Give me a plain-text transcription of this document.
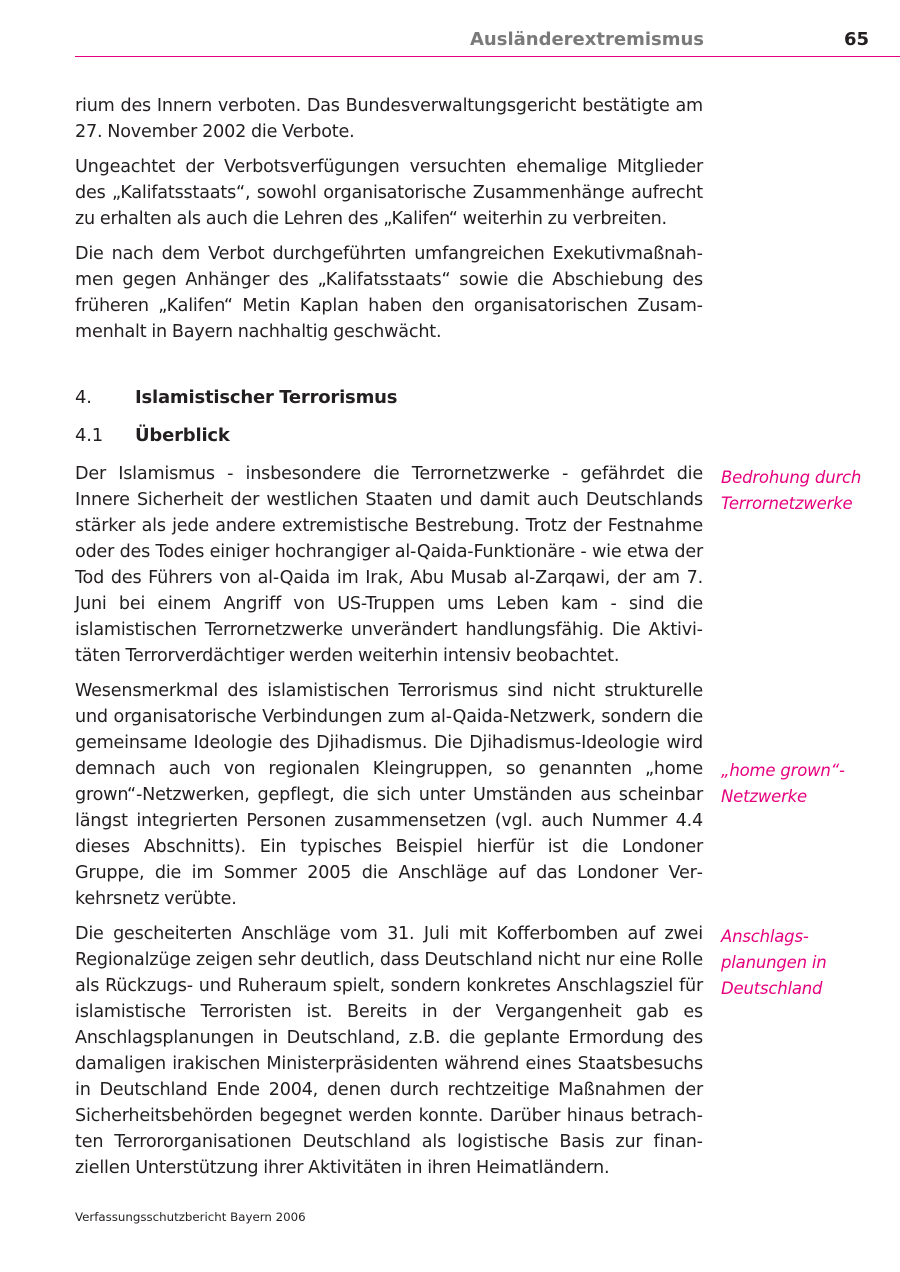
Ausländerextremismus	65

rium des Innern verboten. Das Bundesverwaltungsgericht bestätigte am 27. November 2002 die Verbote.

Ungeachtet der Verbotsverfügungen versuchten ehemalige Mitglieder des „Kalifatsstaats“, sowohl organisatorische Zusammenhänge aufrecht zu erhalten als auch die Lehren des „Kalifen“ weiterhin zu verbreiten.

Die nach dem Verbot durchgeführten umfangreichen Exekutivmaßnahmen gegen Anhänger des „Kalifatsstaats“ sowie die Abschiebung des früheren „Kalifen“ Metin Kaplan haben den organisatorischen Zusammenhalt in Bayern nachhaltig geschwächt.

4.	Islamistischer Terrorismus
4.1	Überblick

Der Islamismus - insbesondere die Terrornetzwerke - gefährdet die Innere Sicherheit der westlichen Staaten und damit auch Deutschlands stärker als jede andere extremistische Bestrebung. Trotz der Festnahme oder des Todes einiger hochrangiger al-Qaida-Funktionäre - wie etwa der Tod des Führers von al-Qaida im Irak, Abu Musab al-Zarqawi, der am 7. Juni bei einem Angriff von US-Truppen ums Leben kam - sind die islamistischen Terrornetzwerke unverändert handlungsfähig. Die Aktivitäten Terrorverdächtiger werden weiterhin intensiv beobachtet.

Wesensmerkmal des islamistischen Terrorismus sind nicht strukturelle und organisatorische Verbindungen zum al-Qaida-Netzwerk, sondern die gemeinsame Ideologie des Djihadismus. Die Djihadismus-Ideologie wird demnach auch von regionalen Kleingruppen, so genannten „home grown“-Netzwerken, gepflegt, die sich unter Umständen aus scheinbar längst integrierten Personen zusammensetzen (vgl. auch Nummer 4.4 dieses Abschnitts). Ein typisches Beispiel hierfür ist die Londoner Gruppe, die im Sommer 2005 die Anschläge auf das Londoner Verkehrsnetz verübte.

Die gescheiterten Anschläge vom 31. Juli mit Kofferbomben auf zwei Regionalzüge zeigen sehr deutlich, dass Deutschland nicht nur eine Rolle als Rückzugs- und Ruheraum spielt, sondern konkretes Anschlagsziel für islamistische Terroristen ist. Bereits in der Vergangenheit gab es Anschlagsplanungen in Deutschland, z.B. die geplante Ermordung des damaligen irakischen Ministerpräsidenten während eines Staatsbesuchs in Deutschland Ende 2004, denen durch rechtzeitige Maßnahmen der Sicherheitsbehörden begegnet werden konnte. Darüber hinaus betrachten Terrororganisationen Deutschland als logistische Basis zur finanziellen Unterstützung ihrer Aktivitäten in ihren Heimatländern.

Bedrohung durch Terrornetzwerke
„home grown“-
Netzwerke
Anschlags-
planungen in
Deutschland
Verfassungsschutzbericht Bayern 2006
